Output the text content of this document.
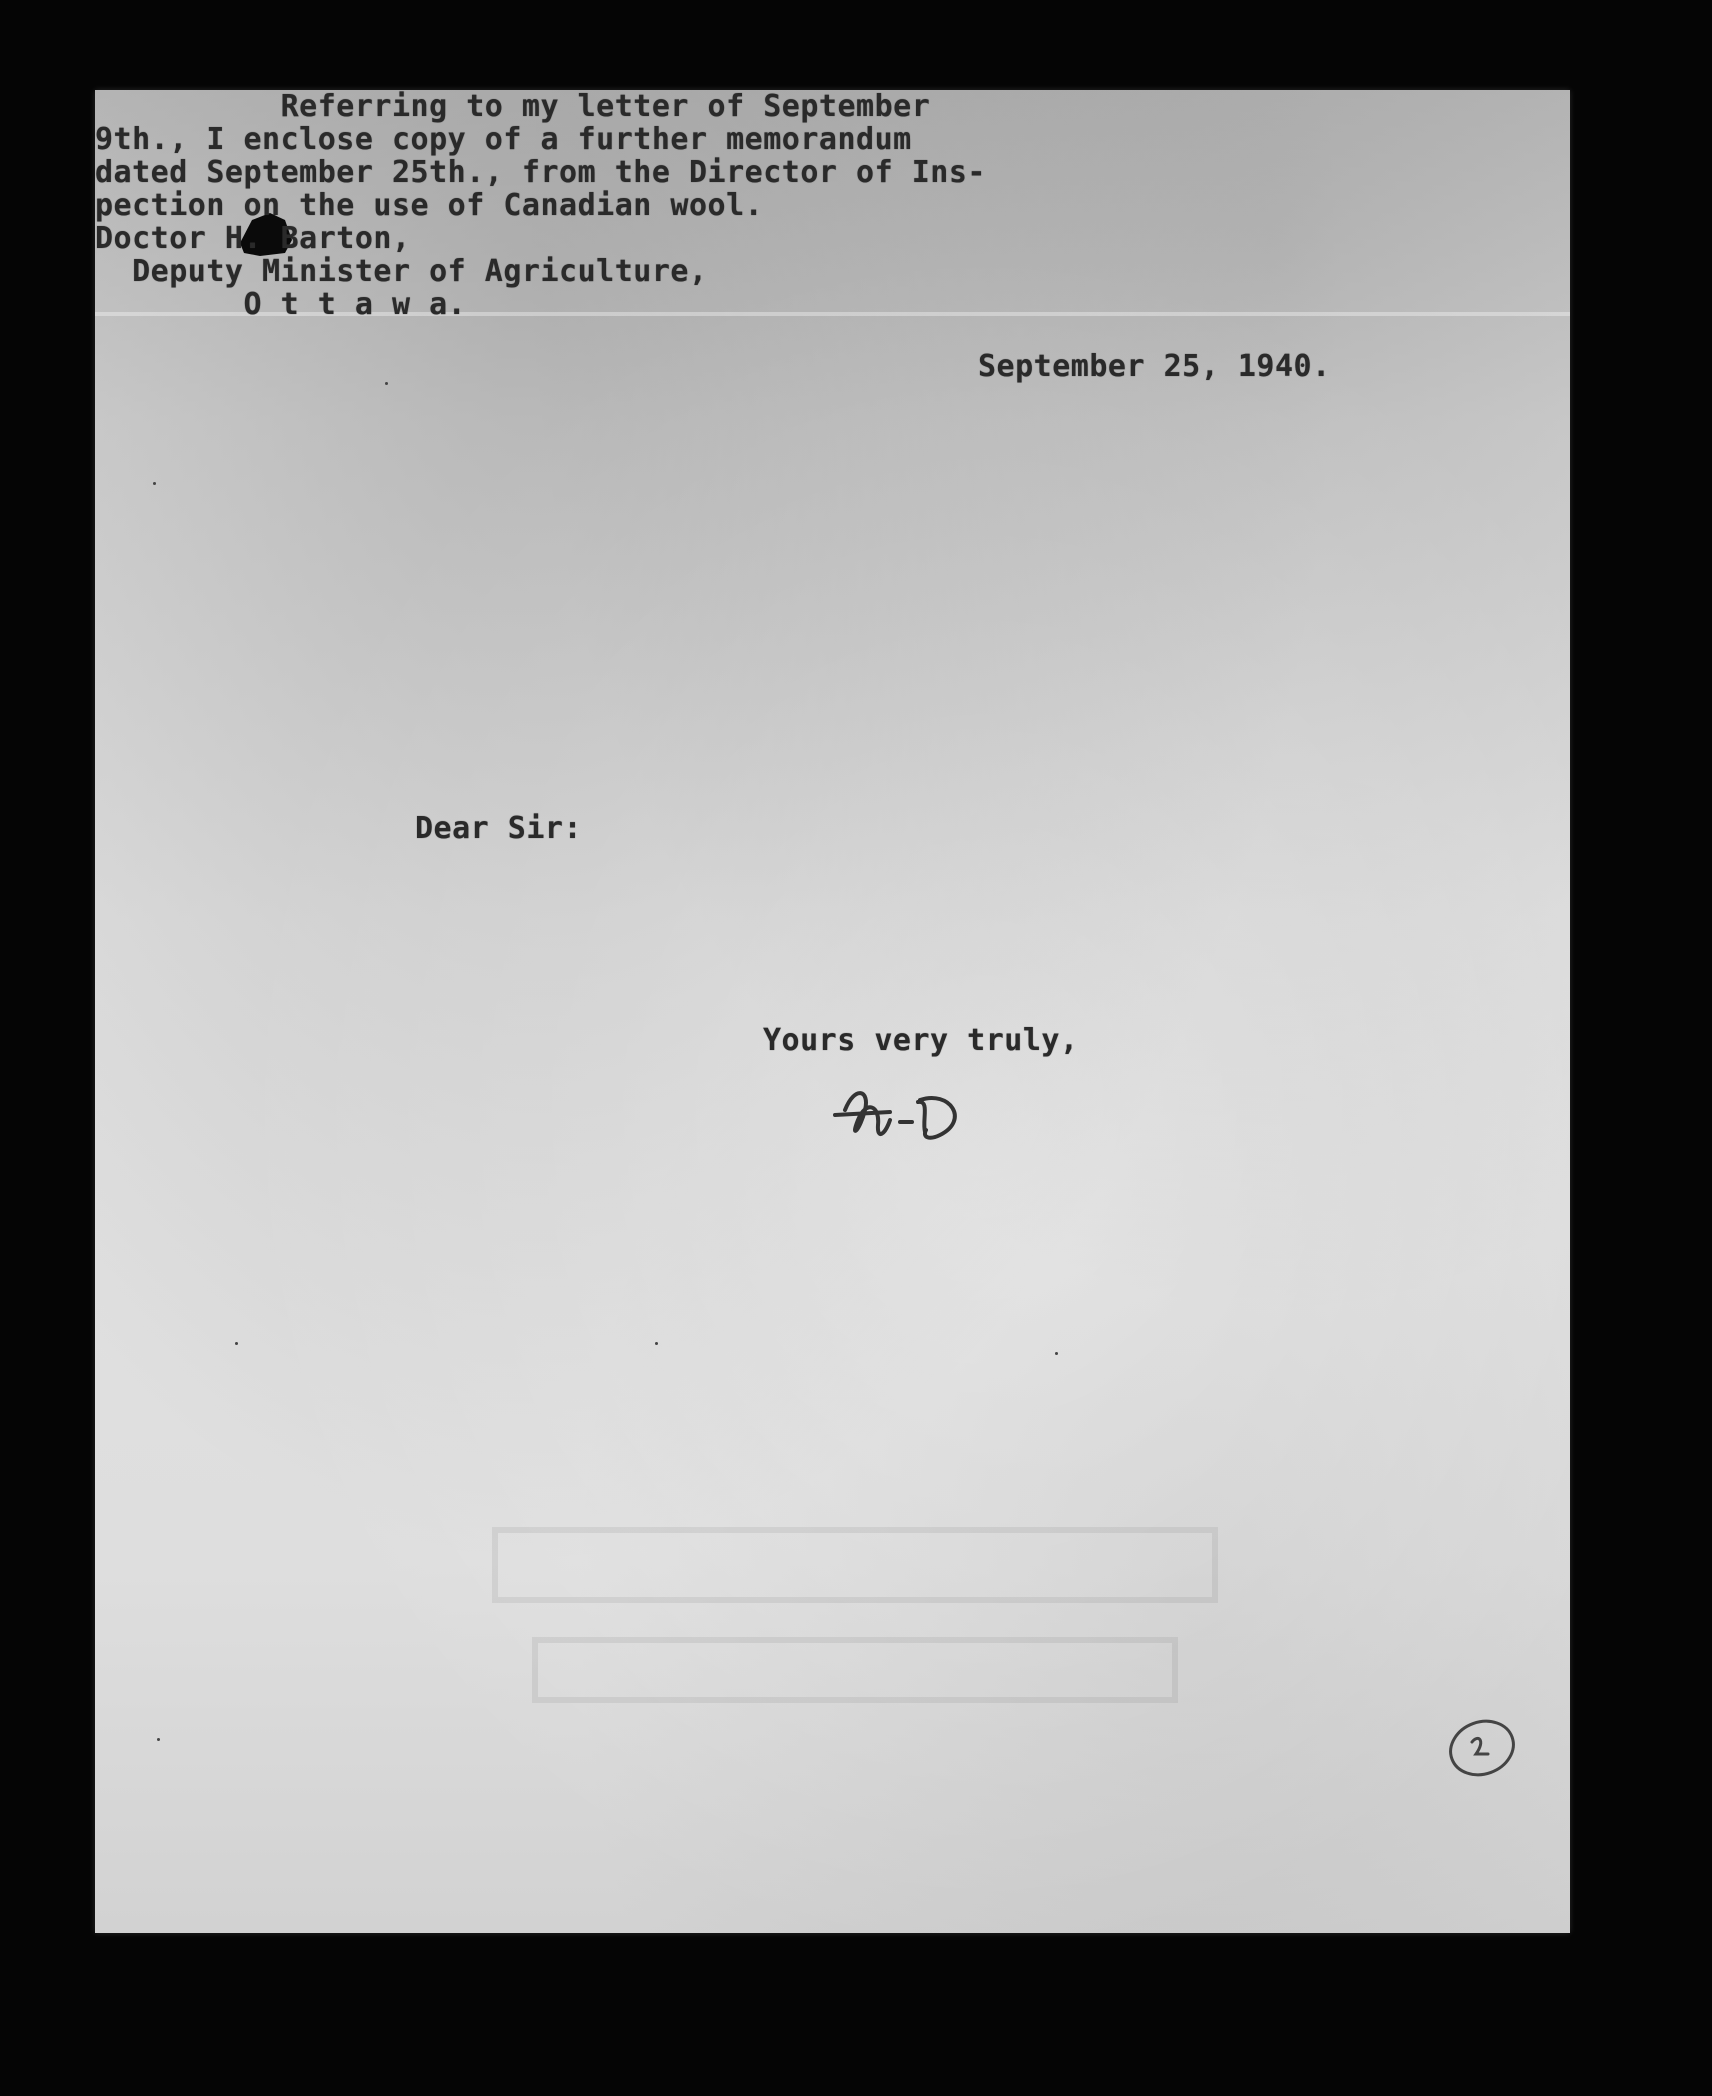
September 25, 1940.
Dear Sir:
Referring to my letter of September
9th., I enclose copy of a further memorandum
dated September 25th., from the Director of Ins-
pection on the use of Canadian wool.
Yours very truly,
Doctor H. Barton,
Deputy Minister of Agriculture,
O t t a w a.
